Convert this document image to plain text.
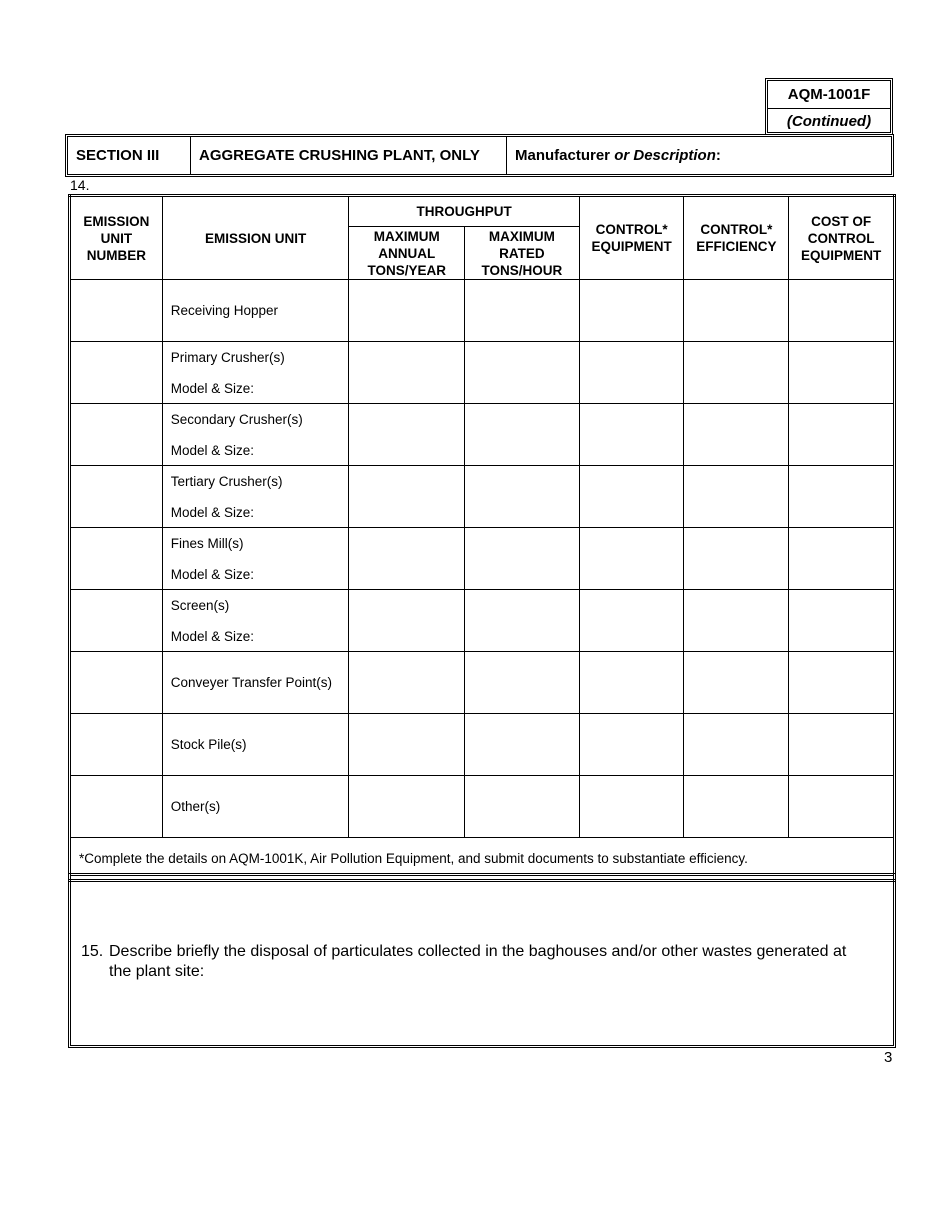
AQM-1001F
(Continued)
SECTION III	AGGREGATE CRUSHING PLANT, ONLY	Manufacturer or Description:
14.
EMISSION UNIT NUMBER	EMISSION UNIT	THROUGHPUT		CONTROL* EQUIPMENT	CONTROL* EFFICIENCY	COST OF CONTROL EQUIPMENT
		MAXIMUM ANNUAL TONS/YEAR	MAXIMUM RATED TONS/HOUR			

	Receiving Hopper					

	Primary Crusher(s)
Model & Size:					

	Secondary Crusher(s)
Model & Size:					

	Tertiary Crusher(s)
Model & Size:					

	Fines Mill(s)
Model & Size:					

	Screen(s)
Model & Size:					

	Conveyer Transfer Point(s)					

	Stock Pile(s)					

	Other(s)					

*Complete the details on AQM-1001K, Air Pollution Equipment, and submit documents to substantiate efficiency.						
15. Describe briefly the disposal of particulates collected in the baghouses and/or other wastes generated at the plant site:
3
